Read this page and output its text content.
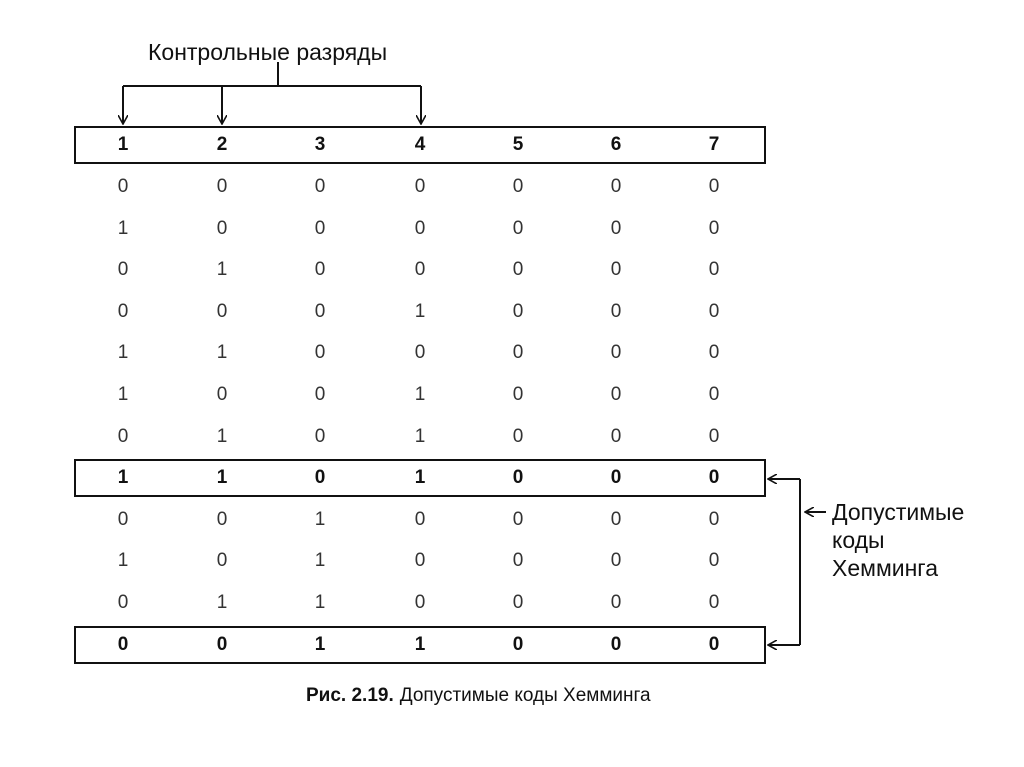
Контрольные разряды
1	2	3	4	5	6	7
0	0	0	0	0	0	0
1	0	0	0	0	0	0
0	1	0	0	0	0	0
0	0	0	1	0	0	0
1	1	0	0	0	0	0
1	0	0	1	0	0	0
0	1	0	1	0	0	0
1	1	0	1	0	0	0
0	0	1	0	0	0	0
1	0	1	0	0	0	0
0	1	1	0	0	0	0
0	0	1	1	0	0	0
Допустимые
коды
Хемминга
Рис. 2.19. Допустимые коды Хемминга
